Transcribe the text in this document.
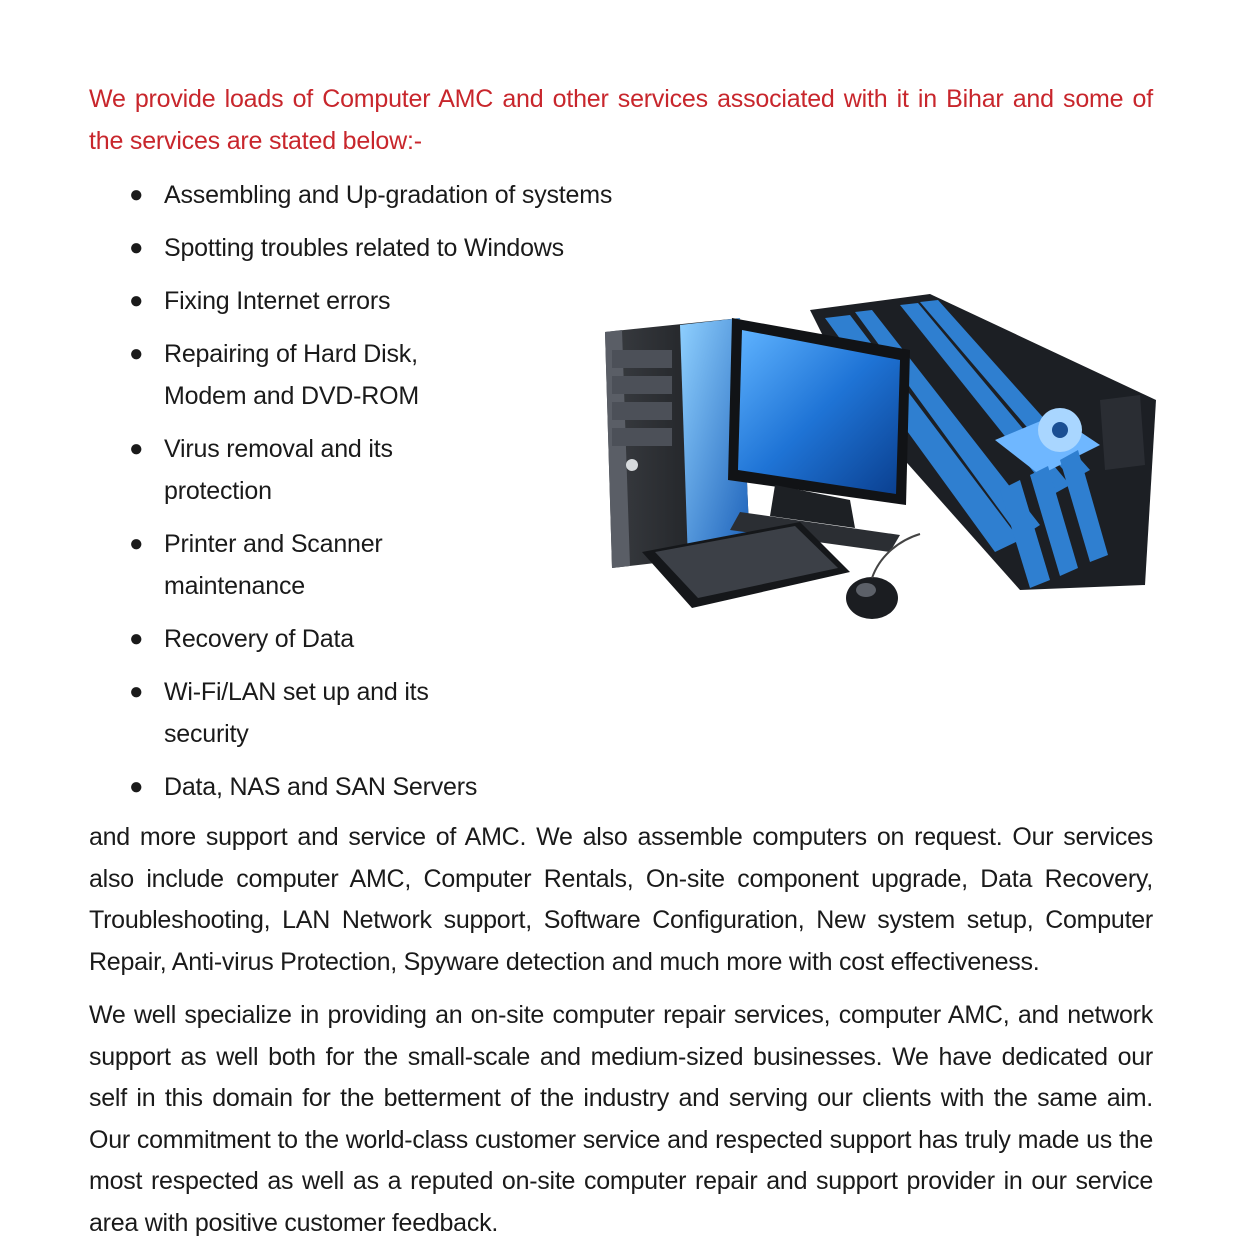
We provide loads of Computer AMC and other services associated with it in Bihar and some of the services are stated below:-

● Assembling and Up-gradation of systems
● Spotting troubles related to Windows
● Fixing Internet errors
● Repairing of Hard Disk, Modem and DVD-ROM
● Virus removal and its protection
● Printer and Scanner maintenance
● Recovery of Data
● Wi-Fi/LAN set up and its security
● Data, NAS and SAN Servers

and more support and service of AMC. We also assemble computers on request. Our services also include computer AMC, Computer Rentals, On-site component upgrade, Data Recovery, Troubleshooting, LAN Network support, Software Configuration, New system setup, Computer Repair, Anti-virus Protection, Spyware detection and much more with cost effectiveness.

We well specialize in providing an on-site computer repair services, computer AMC, and network support as well both for the small-scale and medium-sized businesses. We have dedicated our self in this domain for the betterment of the industry and serving our clients with the same aim. Our commitment to the world-class customer service and respected support has truly made us the most respected as well as a reputed on-site computer repair and support provider in our service area with positive customer feedback.
